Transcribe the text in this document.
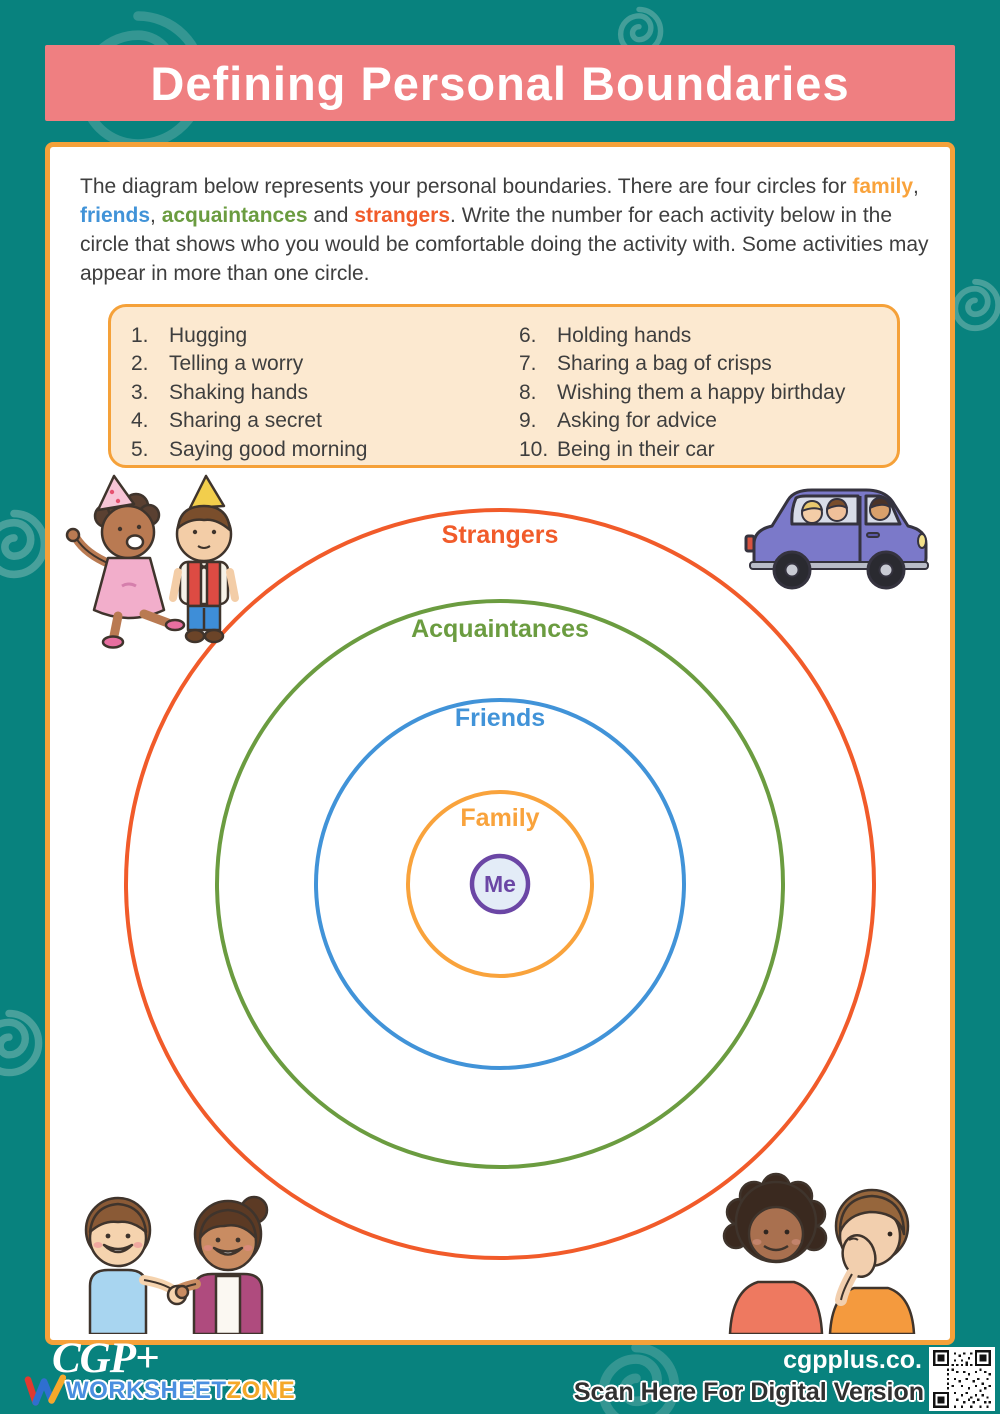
Defining Personal Boundaries

The diagram below represents your personal boundaries. There are four circles for family, friends, acquaintances and strangers. Write the number for each activity below in the circle that shows who you would be comfortable doing the activity with. Some activities may appear in more than one circle.

1. Hugging
2. Telling a worry
3. Shaking hands
4. Sharing a secret
5. Saying good morning
6. Holding hands
7. Sharing a bag of crisps
8. Wishing them a happy birthday
9. Asking for advice
10. Being in their car
Strangers
Acquaintances
Friends
Family
Me

CGP+

WORKSHEET ZONE

cgpplus.co.

Scan Here For Digital Version
